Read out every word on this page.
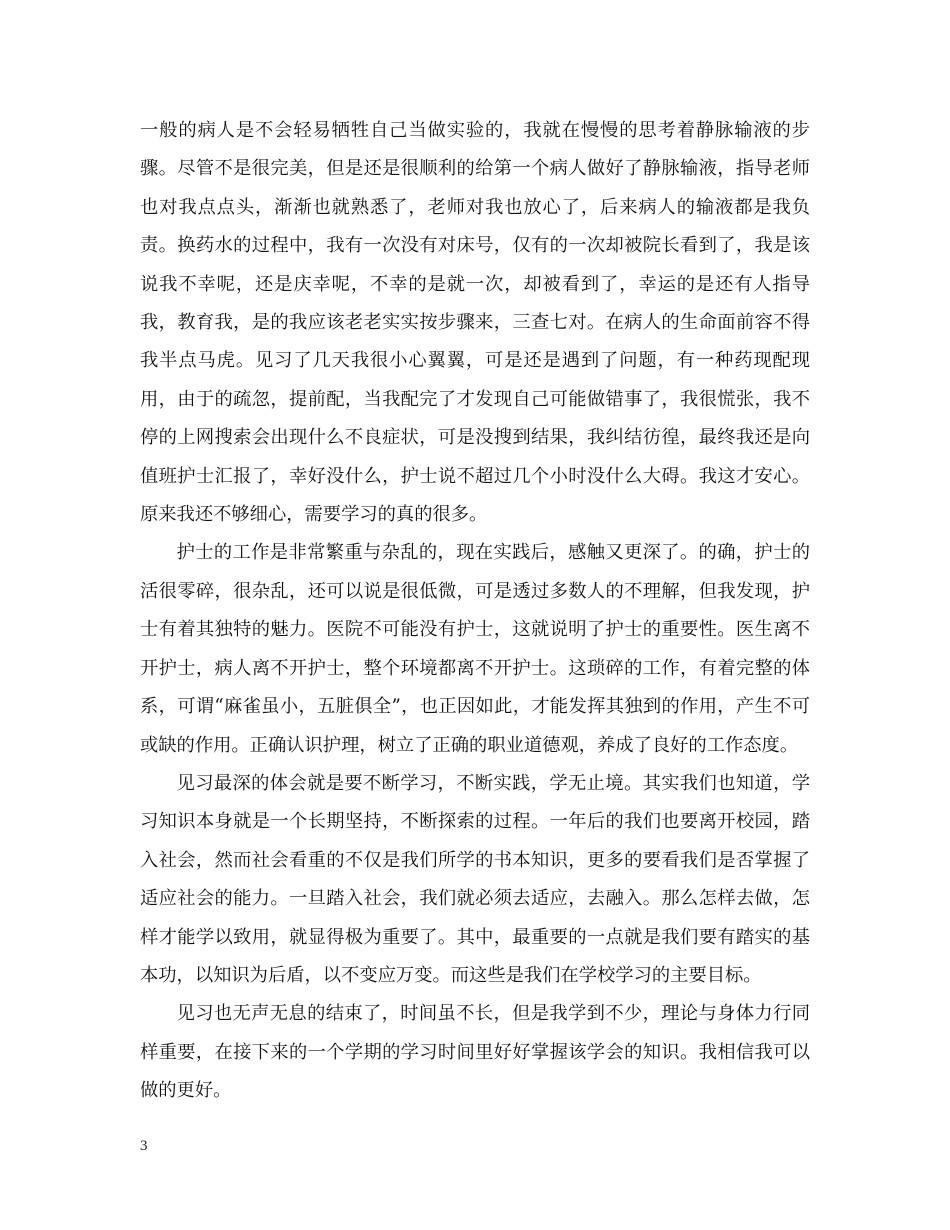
一般的病人是不会轻易牺牲自己当做实验的，我就在慢慢的思考着静脉输液的步骤。尽管不是很完美，但是还是很顺利的给第一个病人做好了静脉输液，指导老师也对我点点头，渐渐也就熟悉了，老师对我也放心了，后来病人的输液都是我负责。换药水的过程中，我有一次没有对床号，仅有的一次却被院长看到了，我是该说我不幸呢，还是庆幸呢，不幸的是就一次，却被看到了，幸运的是还有人指导我，教育我，是的我应该老老实实按步骤来，三查七对。在病人的生命面前容不得我半点马虎。见习了几天我很小心翼翼，可是还是遇到了问题，有一种药现配现用，由于的疏忽，提前配，当我配完了才发现自己可能做错事了，我很慌张，我不停的上网搜索会出现什么不良症状，可是没搜到结果，我纠结彷徨，最终我还是向值班护士汇报了，幸好没什么，护士说不超过几个小时没什么大碍。我这才安心。原来我还不够细心，需要学习的真的很多。

护士的工作是非常繁重与杂乱的，现在实践后，感触又更深了。的确，护士的活很零碎，很杂乱，还可以说是很低微，可是透过多数人的不理解，但我发现，护士有着其独特的魅力。医院不可能没有护士，这就说明了护士的重要性。医生离不开护士，病人离不开护士，整个环境都离不开护士。这琐碎的工作，有着完整的体系，可谓“麻雀虽小，五脏俱全”，也正因如此，才能发挥其独到的作用，产生不可或缺的作用。正确认识护理，树立了正确的职业道德观，养成了良好的工作态度。

见习最深的体会就是要不断学习，不断实践，学无止境。其实我们也知道，学习知识本身就是一个长期坚持，不断探索的过程。一年后的我们也要离开校园，踏入社会，然而社会看重的不仅是我们所学的书本知识，更多的要看我们是否掌握了适应社会的能力。一旦踏入社会，我们就必须去适应，去融入。那么怎样去做，怎样才能学以致用，就显得极为重要了。其中，最重要的一点就是我们要有踏实的基本功，以知识为后盾，以不变应万变。而这些是我们在学校学习的主要目标。

见习也无声无息的结束了，时间虽不长，但是我学到不少，理论与身体力行同样重要，在接下来的一个学期的学习时间里好好掌握该学会的知识。我相信我可以做的更好。

3
